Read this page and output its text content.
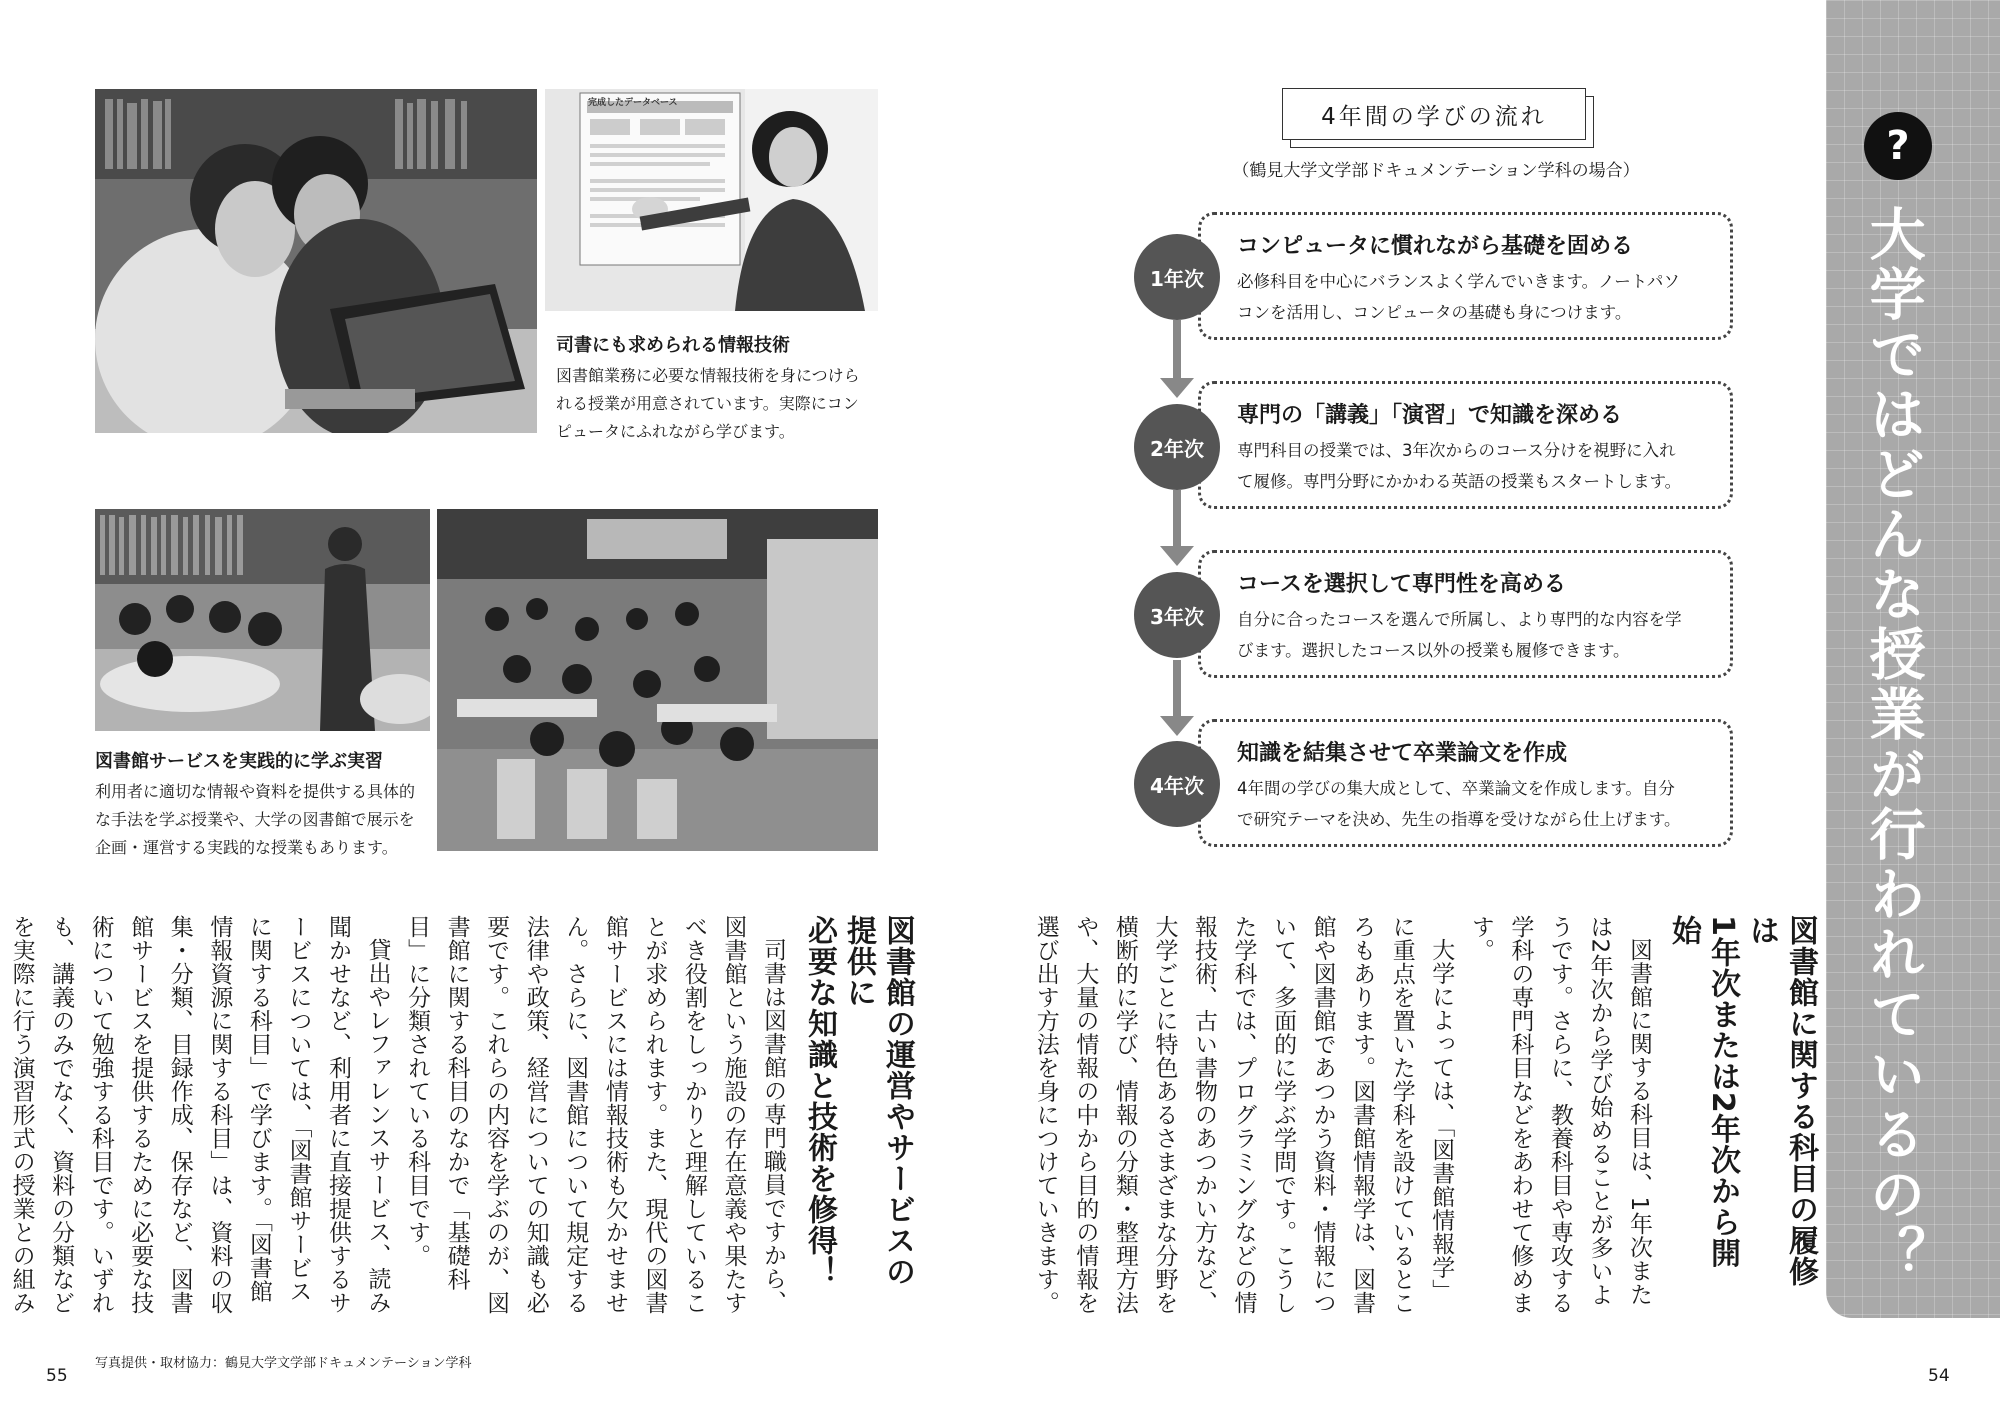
司書にも求められる情報技術
図書館業務に必要な情報技術を身につけら
れる授業が用意されています。実際にコン
ピュータにふれながら学びます。
完成したデータベース
図書館サービスを実践的に学ぶ実習
利用者に適切な情報や資料を提供する具体的
な手法を学ぶ授業や、大学の図書館で展示を
企画・運営する実践的な授業もあります。
図書館の運営やサービスの提供に
必要な知識と技術を修得！

司書は図書館の専門職員ですから、図書館という施設の存在意義や果たすべき役割をしっかりと理解していることが求められます。また、現代の図書館サービスには情報技術も欠かせません。さらに、図書館について規定する法律や政策、経営についての知識も必要です。これらの内容を学ぶのが、図書館に関する科目のなかで「基礎科目」に分類されている科目です。

貸出やレファレンスサービス、読み聞かせなど、利用者に直接提供するサービスについては、「図書館サービスに関する科目」で学びます。「図書館情報資源に関する科目」は、資料の収集・分類、目録作成、保存など、図書館サービスを提供するために必要な技術について勉強する科目です。いずれも、講義のみでなく、資料の分類などを実際に行う演習形式の授業との組み

写真提供・取材協力：鶴見大学文学部ドキュメンテーション学科
55
4年間の学びの流れ
（鶴見大学文学部ドキュメンテーション学科の場合）
コンピュータに慣れながら基礎を固める
必修科目を中心にバランスよく学んでいきます。ノートパソ
コンを活用し、コンピュータの基礎も身につけます。
1年次
専門の「講義」「演習」で知識を深める
専門科目の授業では、3年次からのコース分けを視野に入れ
て履修。専門分野にかかわる英語の授業もスタートします。
2年次
コースを選択して専門性を高める
自分に合ったコースを選んで所属し、より専門的な内容を学
びます。選択したコース以外の授業も履修できます。
3年次
知識を結集させて卒業論文を作成
4年間の学びの集大成として、卒業論文を作成します。自分
で研究テーマを決め、先生の指導を受けながら仕上げます。
4年次
図書館に関する科目の履修は
1年次または2年次から開始

図書館に関する科目は、1年次または2年次から学び始めることが多いようです。さらに、教養科目や専攻する学科の専門科目などをあわせて修めます。

大学によっては、「図書館情報学」に重点を置いた学科を設けているところもあります。図書館情報学は、図書館や図書館であつかう資料・情報について、多面的に学ぶ学問です。こうした学科では、プログラミングなどの情報技術、古い書物のあつかい方など、大学ごとに特色あるさまざまな分野を横断的に学び、情報の分類・整理方法や、大量の情報の中から目的の情報を選び出す方法を身につけていきます。

?
大学ではどんな授業が行われているの？
54
